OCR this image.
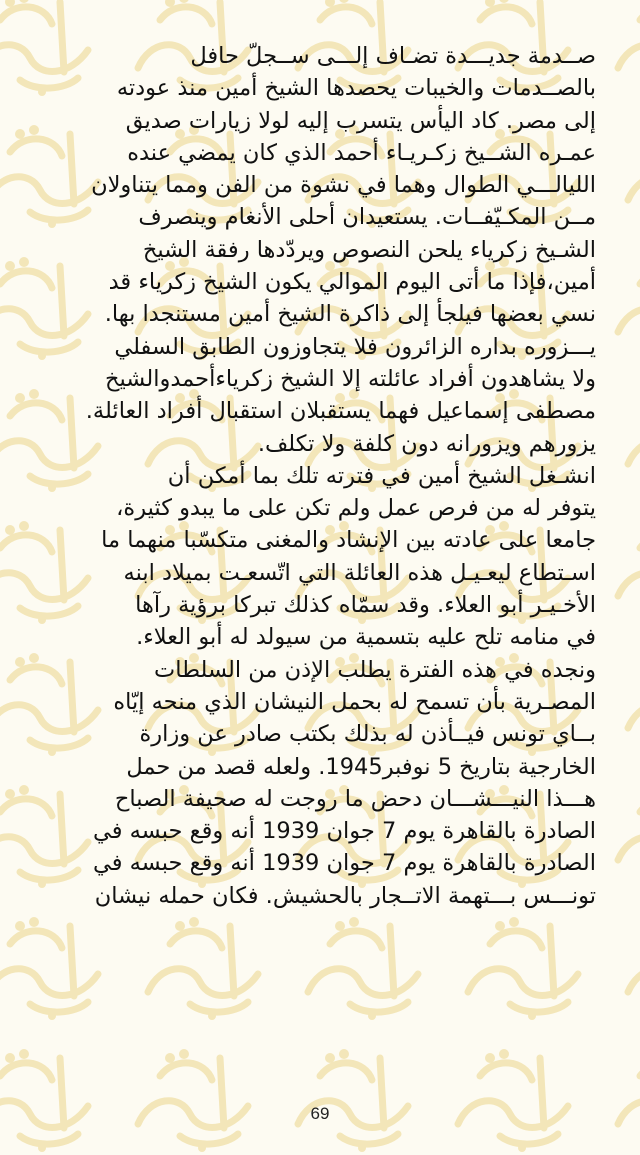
صــدمة جديـــدة تضـاف إلـــى ســجلّ حافل
بالصــدمات والخيبات يحصدها الشيخ أمين منذ عودته
إلى مصر. كاد اليأس يتسرب إليه لولا زيارات صديق
عمـره الشــيخ زكـريـاء أحمد الذي كان يمضي عنده
الليالـــي الطوال وهما في نشوة من الفن ومما يتناولان
مــن المكـيّفــات. يستعيدان أحلى الأنغام وينصرف
الشـيخ زكرياء يلحن النصوص ويردّدها رفقة الشيخ
أمين،فإذا ما أتى اليوم الموالي يكون الشيخ زكرياء قد
نسي بعضها فيلجأ إلى ذاكرة الشيخ أمين مستنجدا بها.
يـــزوره بداره الزائرون فلا يتجاوزون الطابق السفلي
ولا يشاهدون أفراد عائلته إلا الشيخ زكرياءأحمدوالشيخ
مصطفى إسماعيل فهما يستقبلان استقبال أفراد العائلة.
يزورهم ويزورانه دون كلفة ولا تكلف.
انشـغل الشيخ أمين في فترته تلك بما أمكن أن
يتوفر له من فرص عمل ولم تكن على ما يبدو كثيرة،
جامعا على عادته بين الإنشاد والمغنى متكسّبا منهما ما
اسـتطاع ليعـيـل هذه العائلة التي اتّسعـت بميلاد ابنه
الأخـيـر أبو العلاء. وقد سمّاه كذلك تبركا برؤية رآها
في منامه تلح عليه بتسمية من سيولد له أبو العلاء.
ونجده في هذه الفترة يطلب الإذن من السلطات
المصـرية بأن تسمح له بحمل النيشان الذي منحه إيّاه
بــاي تونس فيــأذن له بذلك بكتب صادر عن وزارة
الخارجية بتاريخ 5 نوفبر1945. ولعله قصد من حمل
هـــذا النيـــشـــان دحض ما روجت له صحيفة الصباح
الصادرة بالقاهرة يوم 7 جوان 1939 أنه وقع حبسه في
الصادرة بالقاهرة يوم 7 جوان 1939 أنه وقع حبسه في
تونـــس بـــتهمة الاتــجار بالحشيش. فكان حمله نيشان
69
